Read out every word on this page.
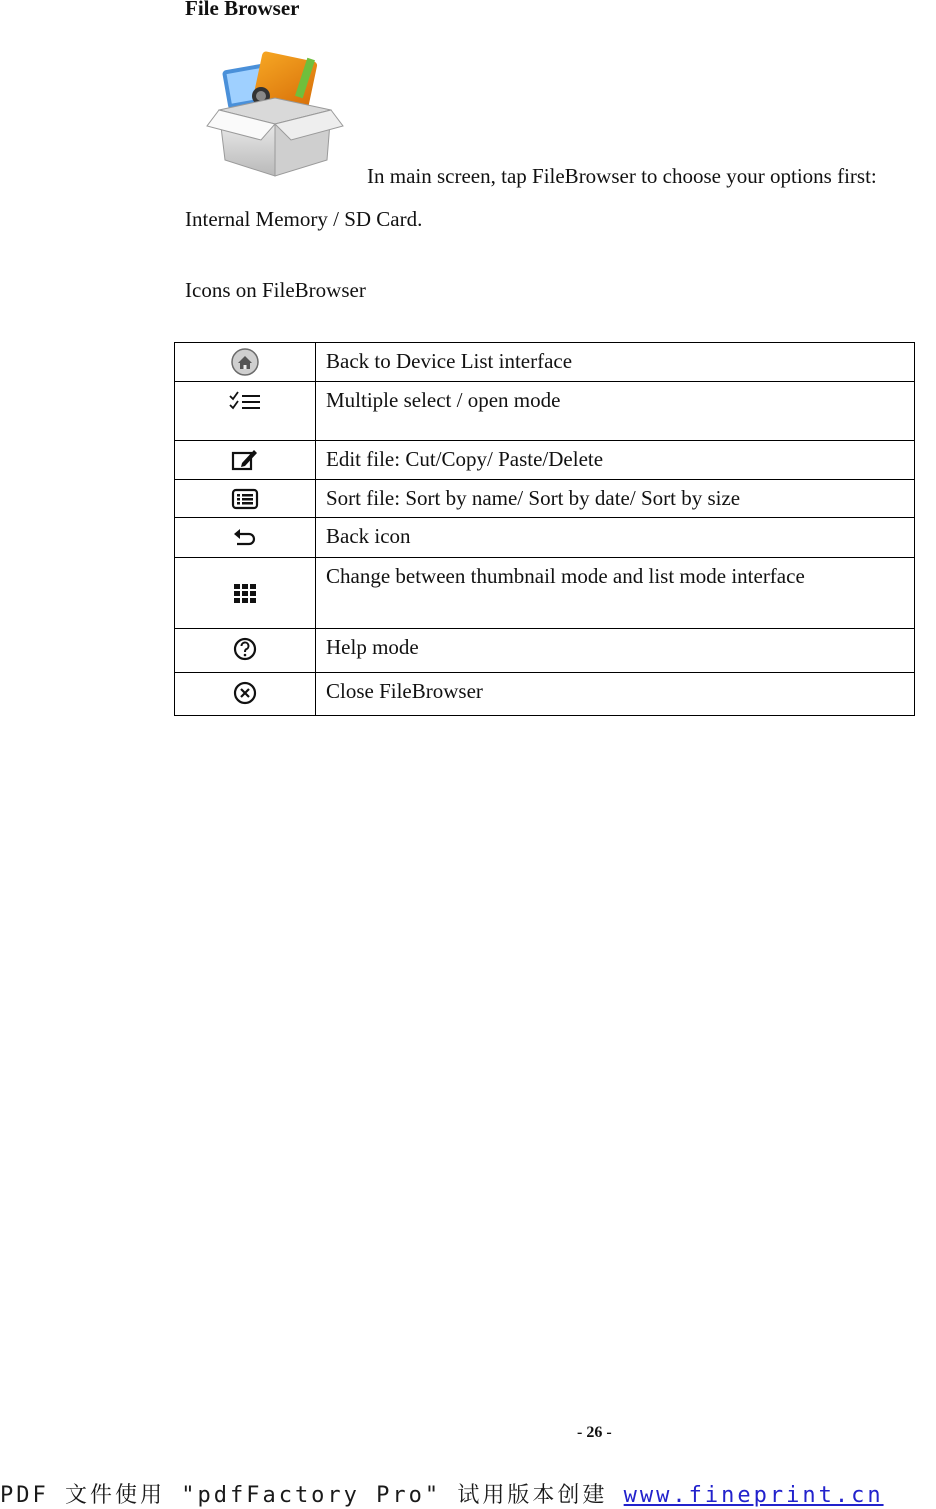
File Browser
In main screen, tap FileBrowser to choose your options first:
Internal Memory / SD Card.
Icons on FileBrowser
	Back to Device List interface

	Multiple select / open mode

	Edit file: Cut/Copy/ Paste/Delete

	Sort file: Sort by name/ Sort by date/ Sort by size

	Back icon

	Change between thumbnail mode and list mode interface

	Help mode

	Close FileBrowser
- 26 -
PDF 文件使用 "pdfFactory Pro" 试用版本创建 www.fineprint.cn
